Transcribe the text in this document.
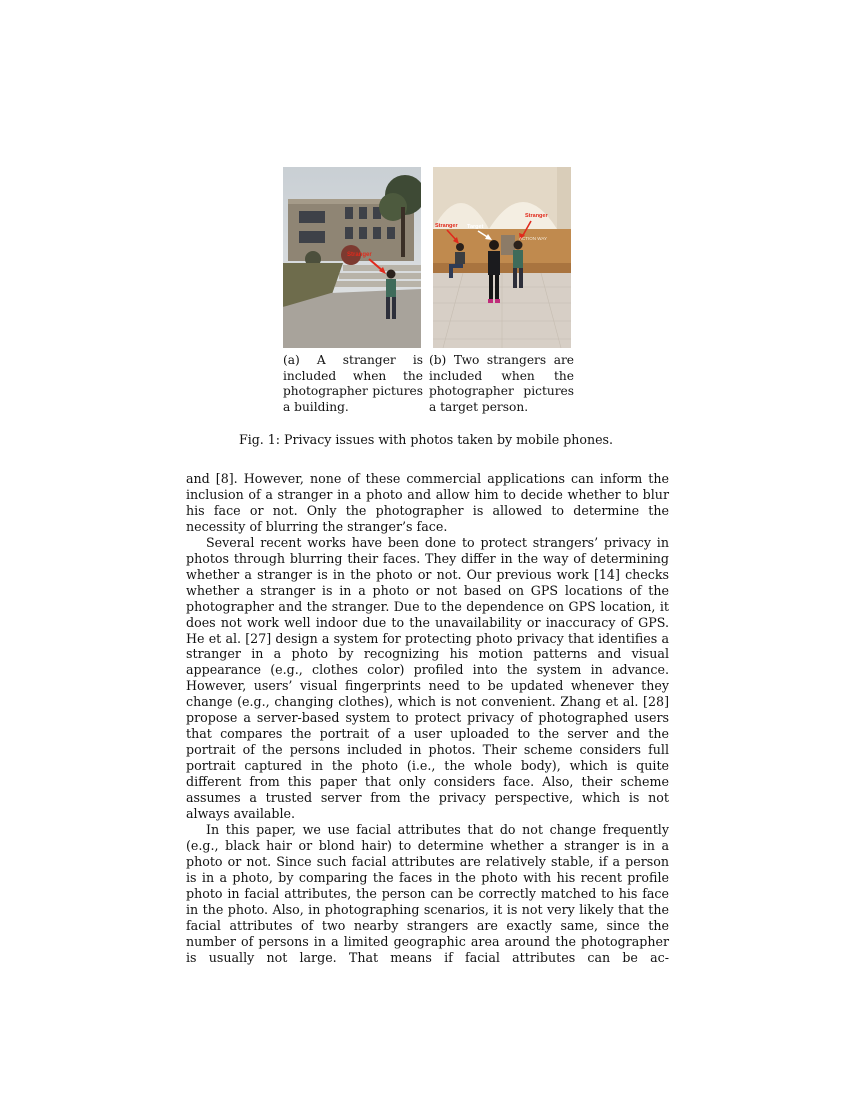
Stranger
Stranger Target
Stranger
ACTION WAY
(a) A stranger is included when the photographer pictures a building.
(b) Two strangers are included when the photographer pictures a target person.
Fig. 1: Privacy issues with photos taken by mobile phones.

and [8]. However, none of these commercial applications can inform the inclusion of a stranger in a photo and allow him to decide whether to blur his face or not. Only the photographer is allowed to determine the necessity of blurring the stranger’s face.

Several recent works have been done to protect strangers’ privacy in photos through blurring their faces. They differ in the way of determining whether a stranger is in the photo or not. Our previous work [14] checks whether a stranger is in a photo or not based on GPS locations of the photographer and the stranger. Due to the dependence on GPS location, it does not work well indoor due to the unavailability or inaccuracy of GPS. He et al. [27] design a system for protecting photo privacy that identifies a stranger in a photo by recognizing his motion patterns and visual appearance (e.g., clothes color) profiled into the system in advance. However, users’ visual fingerprints need to be updated whenever they change (e.g., changing clothes), which is not convenient. Zhang et al. [28] propose a server-based system to protect privacy of photographed users that compares the portrait of a user uploaded to the server and the portrait of the persons included in photos. Their scheme considers full portrait captured in the photo (i.e., the whole body), which is quite different from this paper that only considers face. Also, their scheme assumes a trusted server from the privacy perspective, which is not always available.

In this paper, we use facial attributes that do not change frequently (e.g., black hair or blond hair) to determine whether a stranger is in a photo or not. Since such facial attributes are relatively stable, if a person is in a photo, by comparing the faces in the photo with his recent profile photo in facial attributes, the person can be correctly matched to his face in the photo. Also, in photographing scenarios, it is not very likely that the facial attributes of two nearby strangers are exactly same, since the number of persons in a limited geographic area around the photographer is usually not large. That means if facial attributes can be ac-
